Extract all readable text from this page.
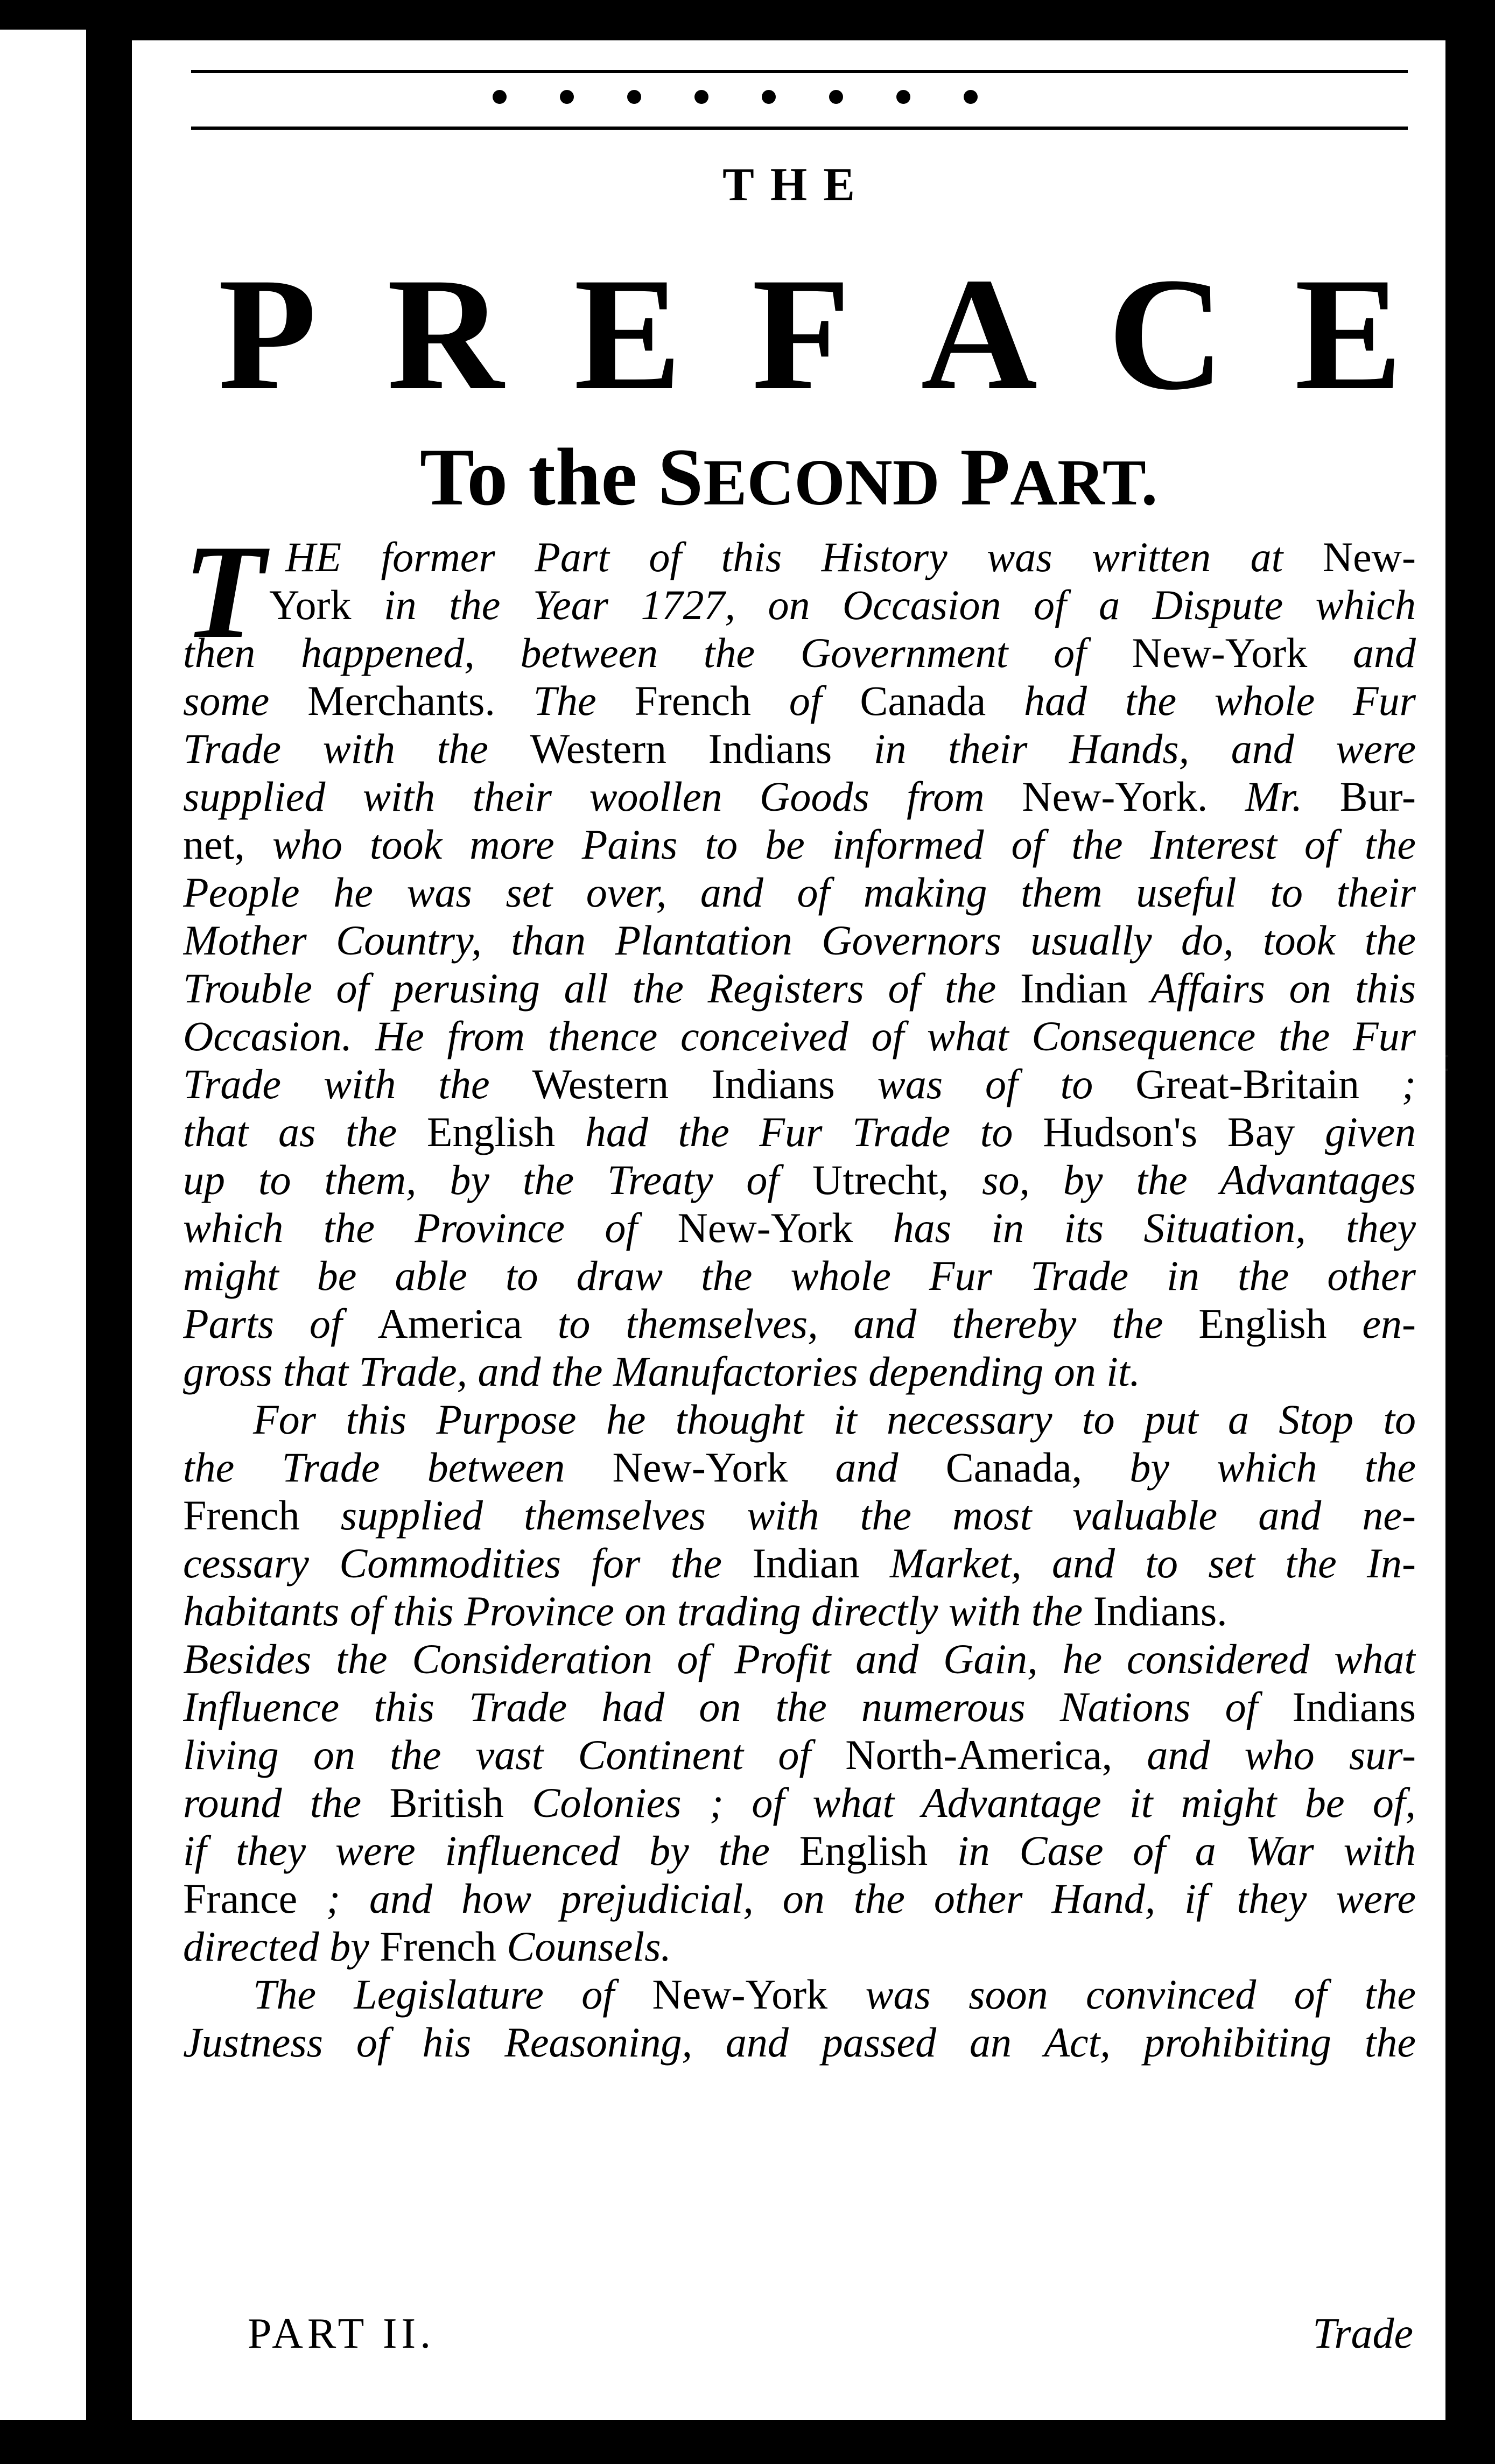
THE
P R E F A C E
To the SECOND PART.
T HE former Part of this History was written at New-
York in the Year 1727, on Occasion of a Dispute which
then happened, between the Government of New-York and
some Merchants. The French of Canada had the whole Fur
Trade with the Western Indians in their Hands, and were
supplied with their woollen Goods from New-York. Mr. Bur-
net, who took more Pains to be informed of the Interest of the
People he was set over, and of making them useful to their
Mother Country, than Plantation Governors usually do, took the
Trouble of perusing all the Registers of the Indian Affairs on this
Occasion. He from thence conceived of what Consequence the Fur
Trade with the Western Indians was of to Great-Britain ;
that as the English had the Fur Trade to Hudson's Bay given
up to them, by the Treaty of Utrecht, so, by the Advantages
which the Province of New-York has in its Situation, they
might be able to draw the whole Fur Trade in the other
Parts of America to themselves, and thereby the English en-
gross that Trade, and the Manufactories depending on it.
For this Purpose he thought it necessary to put a Stop to
the Trade between New-York and Canada, by which the
French supplied themselves with the most valuable and ne-
cessary Commodities for the Indian Market, and to set the In-
habitants of this Province on trading directly with the Indians.
Besides the Consideration of Profit and Gain, he considered what
Influence this Trade had on the numerous Nations of Indians
living on the vast Continent of North-America, and who sur-
round the British Colonies ; of what Advantage it might be of,
if they were influenced by the English in Case of a War with
France ; and how prejudicial, on the other Hand, if they were
directed by French Counsels.
The Legislature of New-York was soon convinced of the
Justness of his Reasoning, and passed an Act, prohibiting the
PART II.	Trade
